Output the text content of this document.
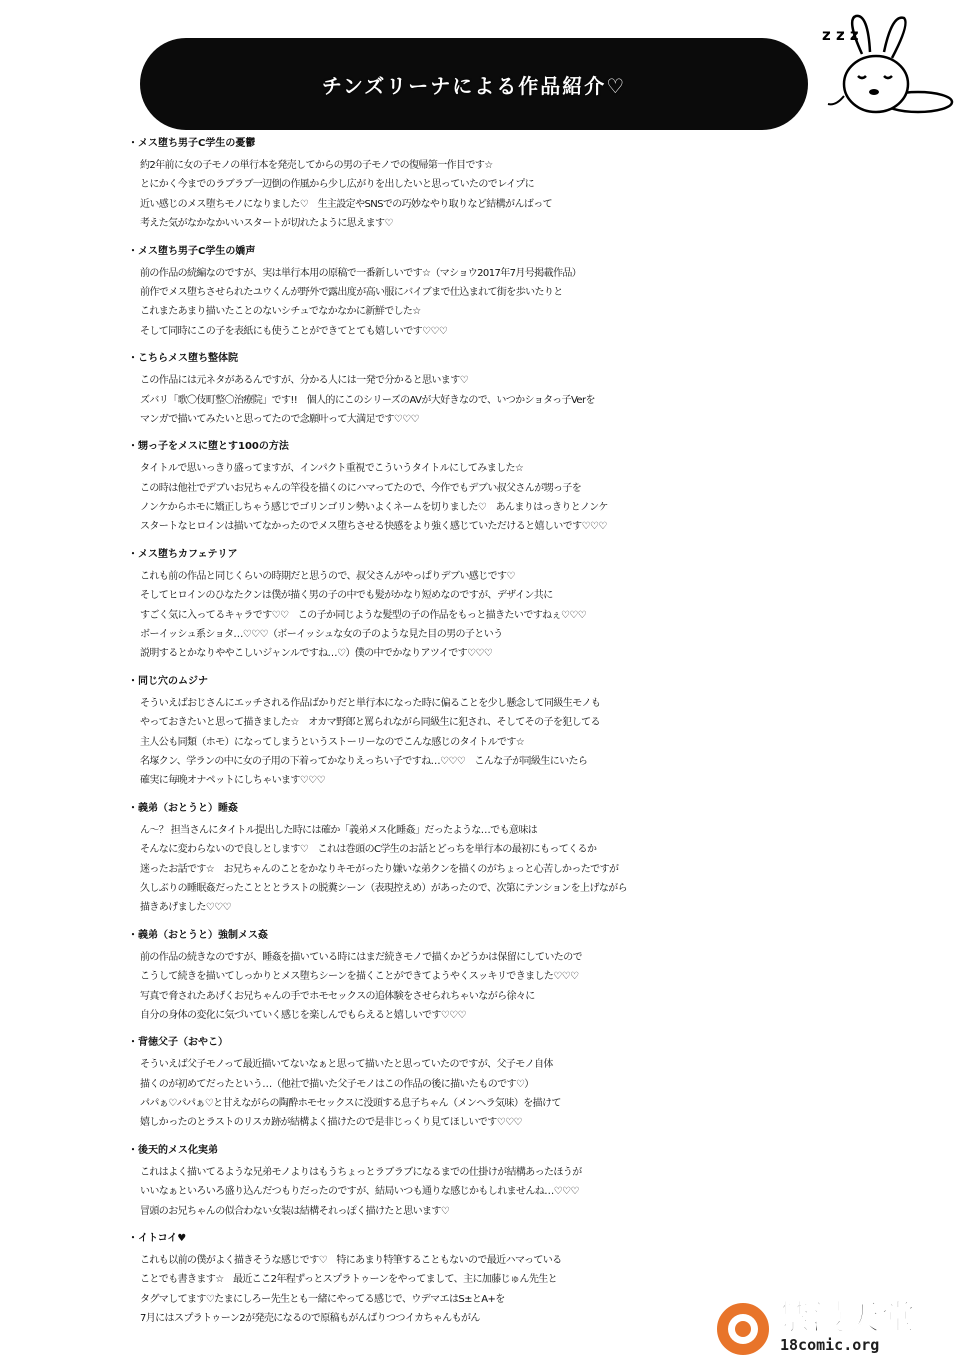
チンズリーナによる作品紹介♡
z z z
・メス堕ち男子C学生の憂鬱
約2年前に女の子モノの単行本を発売してからの男の子モノでの復帰第一作目です☆
とにかく今までのラブラブ一辺倒の作風から少し広がりを出したいと思っていたのでレイプに
近い感じのメス堕ちモノになりました♡　生主設定やSNSでの巧妙なやり取りなど結構がんばって
考えた気がなかなかいいスタートが切れたように思えます♡
・メス堕ち男子C学生の嬌声
前の作品の続編なのですが、実は単行本用の原稿で一番新しいです☆（マショウ2017年7月号掲載作品）
前作でメス堕ちさせられたユウくんが野外で露出度が高い服にバイブまで仕込まれて街を歩いたりと
これまたあまり描いたことのないシチュでなかなかに新鮮でした☆
そして同時にこの子を表紙にも使うことができてとても嬉しいです♡♡♡
・こちらメス堕ち整体院
この作品には元ネタがあるんですが、分かる人には一発で分かると思います♡
ズバリ「歌〇伎町整〇治療院」です!!　個人的にこのシリーズのAVが大好きなので、いつかショタっ子Verを
マンガで描いてみたいと思ってたので念願叶って大満足です♡♡♡
・甥っ子をメスに堕とす100の方法
タイトルで思いっきり盛ってますが、インパクト重視でこういうタイトルにしてみました☆
この時は他社でデブいお兄ちゃんの竿役を描くのにハマってたので、今作でもデブい叔父さんが甥っ子を
ノンケからホモに矯正しちゃう感じでゴリンゴリン勢いよくネームを切りました♡　あんまりはっきりとノンケ
スタートなヒロインは描いてなかったのでメス堕ちさせる快感をより強く感じていただけると嬉しいです♡♡♡
・メス堕ちカフェテリア
これも前の作品と同じくらいの時期だと思うので、叔父さんがやっぱりデブい感じです♡
そしてヒロインのひなたクンは僕が描く男の子の中でも髪がかなり短めなのですが、デザイン共に
すごく気に入ってるキャラです♡♡　この子か同じような髪型の子の作品をもっと描きたいですねぇ♡♡♡
ボーイッシュ系ショタ…♡♡♡（ボーイッシュな女の子のような見た目の男の子という
説明するとかなりややこしいジャンルですね…♡）僕の中でかなりアツイです♡♡♡
・同じ穴のムジナ
そういえばおじさんにエッチされる作品ばかりだと単行本になった時に偏ることを少し懸念して同級生モノも
やっておきたいと思って描きました☆　オカマ野郎と罵られながら同級生に犯され、そしてその子を犯してる
主人公も同類（ホモ）になってしまうというストーリーなのでこんな感じのタイトルです☆
名塚クン、学ランの中に女の子用の下着ってかなりえっちい子ですね…♡♡♡　こんな子が同級生にいたら
確実に毎晩オナペットにしちゃいます♡♡♡
・義弟（おとうと）睡姦
ん～？ 担当さんにタイトル提出した時には確か「義弟メス化睡姦」だったような…でも意味は
そんなに変わらないので良しとします♡　これは巻頭のC学生のお話とどっちを単行本の最初にもってくるか
迷ったお話です☆　お兄ちゃんのことをかなりキモがったり嫌いな弟クンを描くのがちょっと心苦しかったですが
久しぶりの睡眠姦だったことととラストの脱糞シーン（表現控えめ）があったので、次第にテンションを上げながら
描きあげました♡♡♡
・義弟（おとうと）強制メス姦
前の作品の続きなのですが、睡姦を描いている時にはまだ続きモノで描くかどうかは保留にしていたので
こうして続きを描いてしっかりとメス堕ちシーンを描くことができてようやくスッキリできました♡♡♡
写真で脅されたあげくお兄ちゃんの手でホモセックスの追体験をさせられちゃいながら徐々に
自分の身体の変化に気づいていく感じを楽しんでもらえると嬉しいです♡♡♡
・背徳父子（おやこ）
そういえば父子モノって最近描いてないなぁと思って描いたと思っていたのですが、父子モノ自体
描くのが初めてだったという…（他社で描いた父子モノはこの作品の後に描いたものです♡）
パパぁ♡パパぁ♡と甘えながらの陶酔ホモセックスに没頭する息子ちゃん（メンヘラ気味）を描けて
嬉しかったのとラストのリスカ跡が結構よく描けたので是非じっくり見てほしいです♡♡♡
・後天的メス化実弟
これはよく描いてるような兄弟モノよりはもうちょっとラブラブになるまでの仕掛けが結構あったほうが
いいなぁといろいろ盛り込んだつもりだったのですが、結局いつも通りな感じかもしれませんね…♡♡♡
冒頭のお兄ちゃんの似合わない女装は結構それっぽく描けたと思います♡
・イトコイ♥
これも以前の僕がよく描きそうな感じです♡　特にあまり特筆することもないので最近ハマっている
ことでも書きます☆　最近ここ2年程ずっとスプラトゥーンをやってまして、主に加藤じゅん先生と
タグマしてます♡たまにしろー先生とも一緒にやってる感じで、ウデマエはS±とA+を
7月にはスプラトゥーン2が発売になるので原稿もがんばりつつイカちゃんもがん	禁漫天堂
18comic.org
